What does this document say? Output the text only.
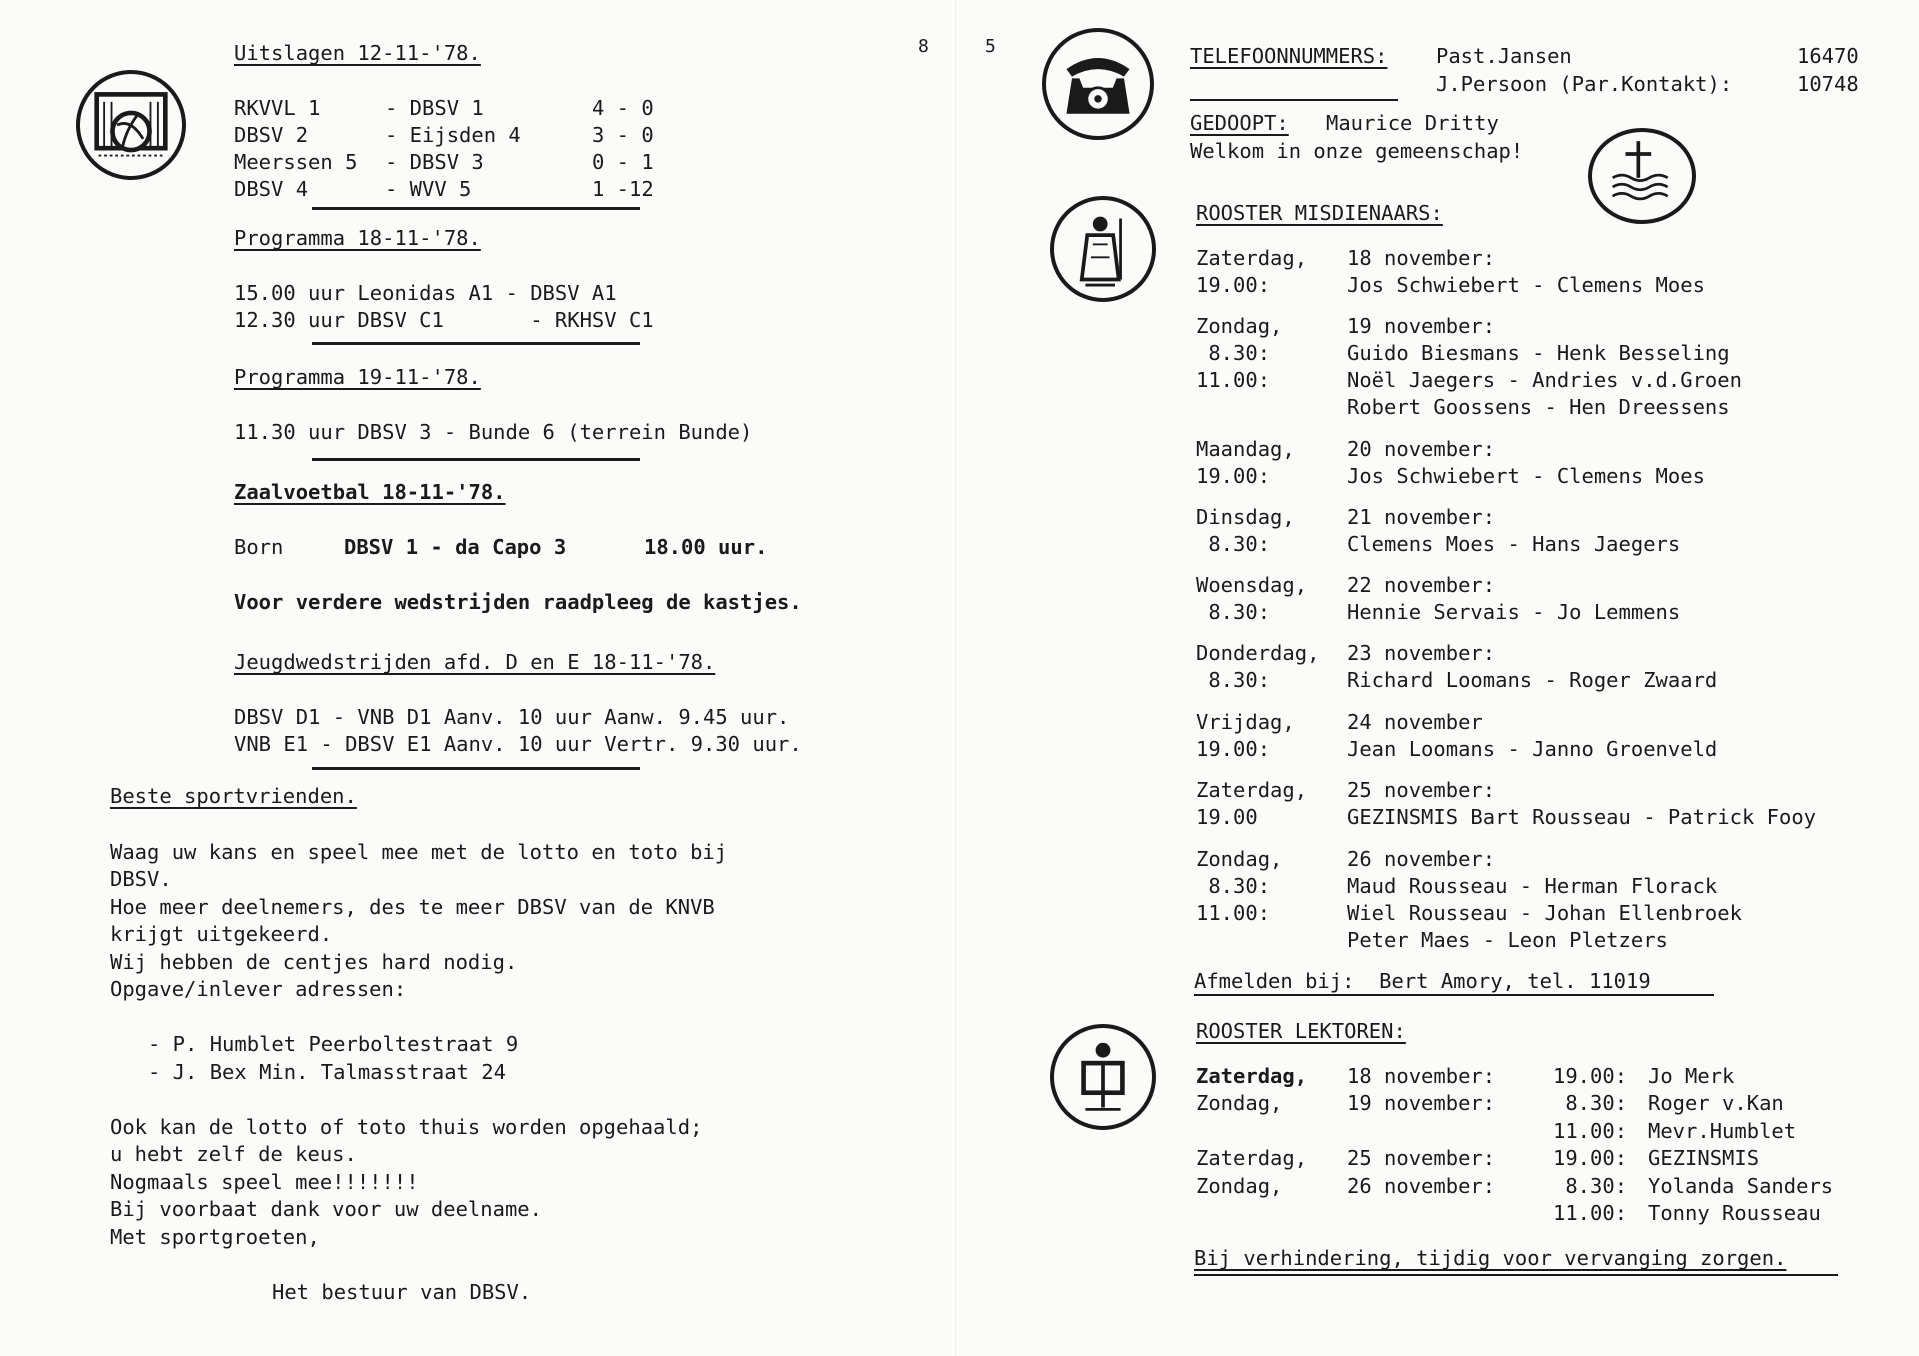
8
Uitslagen 12-11-'78.
RKVVL 1	- DBSV 1	4 - 0
DBSV 2	- Eijsden 4	3 - 0
Meerssen 5 - DBSV 3	0 - 1
DBSV 4	- WVV 5	1 -12
Programma 18-11-'78.
15.00 uur Leonidas A1 - DBSV A1
12.30 uur DBSV C1       - RKHSV C1
Programma 19-11-'78.
11.30 uur DBSV 3 - Bunde 6 (terrein Bunde)
Zaalvoetbal 18-11-'78.
Born	DBSV 1 - da Capo 3	18.00 uur.
Voor verdere wedstrijden raadpleeg de kastjes.
Jeugdwedstrijden afd. D en E 18-11-'78.
DBSV D1 - VNB D1 Aanv. 10 uur Aanw. 9.45 uur.
VNB E1 - DBSV E1 Aanv. 10 uur Vertr. 9.30 uur.
Beste sportvrienden.
Waag uw kans en speel mee met de lotto en toto bij
DBSV.
Hoe meer deelnemers, des te meer DBSV van de KNVB
krijgt uitgekeerd.
Wij hebben de centjes hard nodig.
Opgave/inlever adressen:
- P. Humblet Peerboltestraat 9
- J. Bex Min. Talmasstraat 24
Ook kan de lotto of toto thuis worden opgehaald;
u hebt zelf de keus.
Nogmaals speel mee!!!!!!!
Bij voorbaat dank voor uw deelname.
Met sportgroeten,
Het bestuur van DBSV.
5	TELEFOONNUMMERS: Past.Jansen	16470
J.Persoon (Par.Kontakt):	10748
GEDOOPT: Maurice Dritty
Welkom in onze gemeenschap!
ROOSTER MISDIENAARS:
Zaterdag, 18 november:
19.00:	Jos Schwiebert - Clemens Moes
Zondag,	19 november:
8.30:	Guido Biesmans - Henk Besseling
11.00:	Noël Jaegers - Andries v.d.Groen
Robert Goossens - Hen Dreessens
Maandag,	20 november:
19.00:	Jos Schwiebert - Clemens Moes
Dinsdag,	21 november:
8.30:	Clemens Moes - Hans Jaegers
Woensdag, 22 november:
8.30:	Hennie Servais - Jo Lemmens
Donderdag, 23 november:
8.30:	Richard Loomans - Roger Zwaard
Vrijdag,	24 november
19.00:	Jean Loomans - Janno Groenveld
Zaterdag, 25 november:
19.00	GEZINSMIS Bart Rousseau - Patrick Fooy
Zondag,	26 november:
8.30:	Maud Rousseau - Herman Florack
11.00:	Wiel Rousseau - Johan Ellenbroek
Peter Maes - Leon Pletzers
Afmelden bij:  Bert Amory, tel. 11019
ROOSTER LEKTOREN:
Zaterdag, 18 november:	19.00: Jo Merk
Zondag,	19 november:	8.30: Roger v.Kan
11.00: Mevr.Humblet
Zaterdag, 25 november:	19.00: GEZINSMIS
Zondag,	26 november:	8.30: Yolanda Sanders
11.00: Tonny Rousseau
Bij verhindering, tijdig voor vervanging zorgen.
